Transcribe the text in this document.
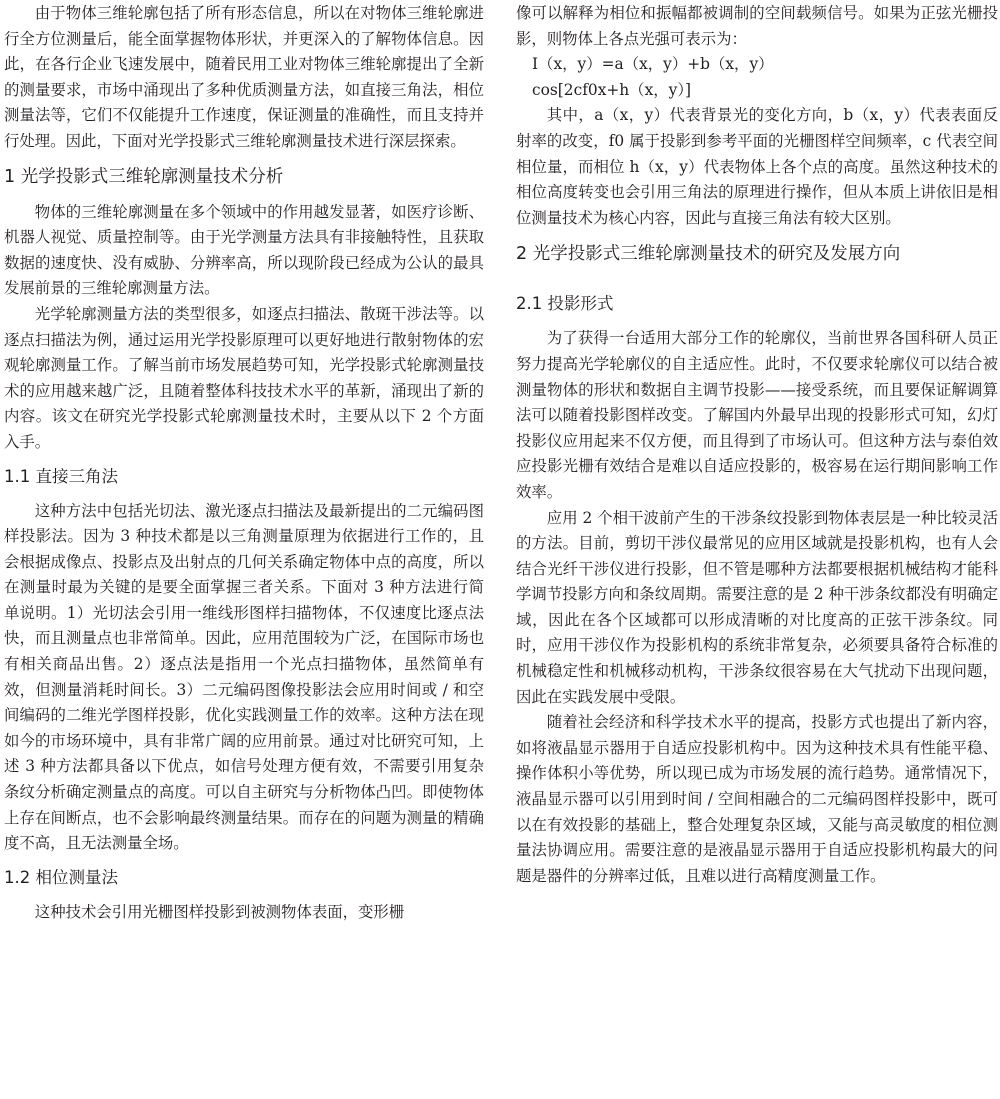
由于物体三维轮廓包括了所有形态信息，所以在对物体三维轮廓进行全方位测量后，能全面掌握物体形状，并更深入的了解物体信息。因此，在各行企业飞速发展中，随着民用工业对物体三维轮廓提出了全新的测量要求，市场中涌现出了多种优质测量方法，如直接三角法，相位测量法等，它们不仅能提升工作速度，保证测量的准确性，而且支持并行处理。因此，下面对光学投影式三维轮廓测量技术进行深层探索。

1 光学投影式三维轮廓测量技术分析

物体的三维轮廓测量在多个领域中的作用越发显著，如医疗诊断、机器人视觉、质量控制等。由于光学测量方法具有非接触特性，且获取数据的速度快、没有威胁、分辨率高，所以现阶段已经成为公认的最具发展前景的三维轮廓测量方法。

光学轮廓测量方法的类型很多，如逐点扫描法、散斑干涉法等。以逐点扫描法为例，通过运用光学投影原理可以更好地进行散射物体的宏观轮廓测量工作。了解当前市场发展趋势可知，光学投影式轮廓测量技术的应用越来越广泛，且随着整体科技技术水平的革新，涌现出了新的内容。该文在研究光学投影式轮廓测量技术时，主要从以下 2 个方面入手。

1.1 直接三角法

这种方法中包括光切法、激光逐点扫描法及最新提出的二元编码图样投影法。因为 3 种技术都是以三角测量原理为依据进行工作的，且会根据成像点、投影点及出射点的几何关系确定物体中点的高度，所以在测量时最为关键的是要全面掌握三者关系。下面对 3 种方法进行简单说明。1）光切法会引用一维线形图样扫描物体，不仅速度比逐点法快，而且测量点也非常简单。因此，应用范围较为广泛，在国际市场也有相关商品出售。2）逐点法是指用一个光点扫描物体，虽然简单有效，但测量消耗时间长。3）二元编码图像投影法会应用时间或 / 和空间编码的二维光学图样投影，优化实践测量工作的效率。这种方法在现如今的市场环境中，具有非常广阔的应用前景。通过对比研究可知，上述 3 种方法都具备以下优点，如信号处理方便有效，不需要引用复杂条纹分析确定测量点的高度。可以自主研究与分析物体凸凹。即使物体上存在间断点，也不会影响最终测量结果。而存在的问题为测量的精确度不高，且无法测量全场。

1.2 相位测量法

这种技术会引用光栅图样投影到被测物体表面，变形栅

像可以解释为相位和振幅都被调制的空间载频信号。如果为正弦光栅投影，则物体上各点光强可表示为：

I（x，y）=a（x，y）+b（x，y）
cos[2cf0x+h（x，y）]

其中，a（x，y）代表背景光的变化方向，b（x，y）代表表面反射率的改变，f0 属于投影到参考平面的光栅图样空间频率，c 代表空间相位量，而相位 h（x，y）代表物体上各个点的高度。虽然这种技术的相位高度转变也会引用三角法的原理进行操作，但从本质上讲依旧是相位测量技术为核心内容，因此与直接三角法有较大区别。

2 光学投影式三维轮廓测量技术的研究及发展方向
2.1 投影形式

为了获得一台适用大部分工作的轮廓仪，当前世界各国科研人员正努力提高光学轮廓仪的自主适应性。此时，不仅要求轮廓仪可以结合被测量物体的形状和数据自主调节投影——接受系统，而且要保证解调算法可以随着投影图样改变。了解国内外最早出现的投影形式可知，幻灯投影仪应用起来不仅方便，而且得到了市场认可。但这种方法与泰伯效应投影光栅有效结合是难以自适应投影的，极容易在运行期间影响工作效率。

应用 2 个相干波前产生的干涉条纹投影到物体表层是一种比较灵活的方法。目前，剪切干涉仪最常见的应用区域就是投影机构，也有人会结合光纤干涉仪进行投影，但不管是哪种方法都要根据机械结构才能科学调节投影方向和条纹周期。需要注意的是 2 种干涉条纹都没有明确定域，因此在各个区域都可以形成清晰的对比度高的正弦干涉条纹。同时，应用干涉仪作为投影机构的系统非常复杂，必须要具备符合标准的机械稳定性和机械移动机构，干涉条纹很容易在大气扰动下出现问题，因此在实践发展中受限。

随着社会经济和科学技术水平的提高，投影方式也提出了新内容，如将液晶显示器用于自适应投影机构中。因为这种技术具有性能平稳、操作体积小等优势，所以现已成为市场发展的流行趋势。通常情况下，液晶显示器可以引用到时间 / 空间相融合的二元编码图样投影中，既可以在有效投影的基础上，整合处理复杂区域，又能与高灵敏度的相位测量法协调应用。需要注意的是液晶显示器用于自适应投影机构最大的问题是器件的分辨率过低，且难以进行高精度测量工作。
